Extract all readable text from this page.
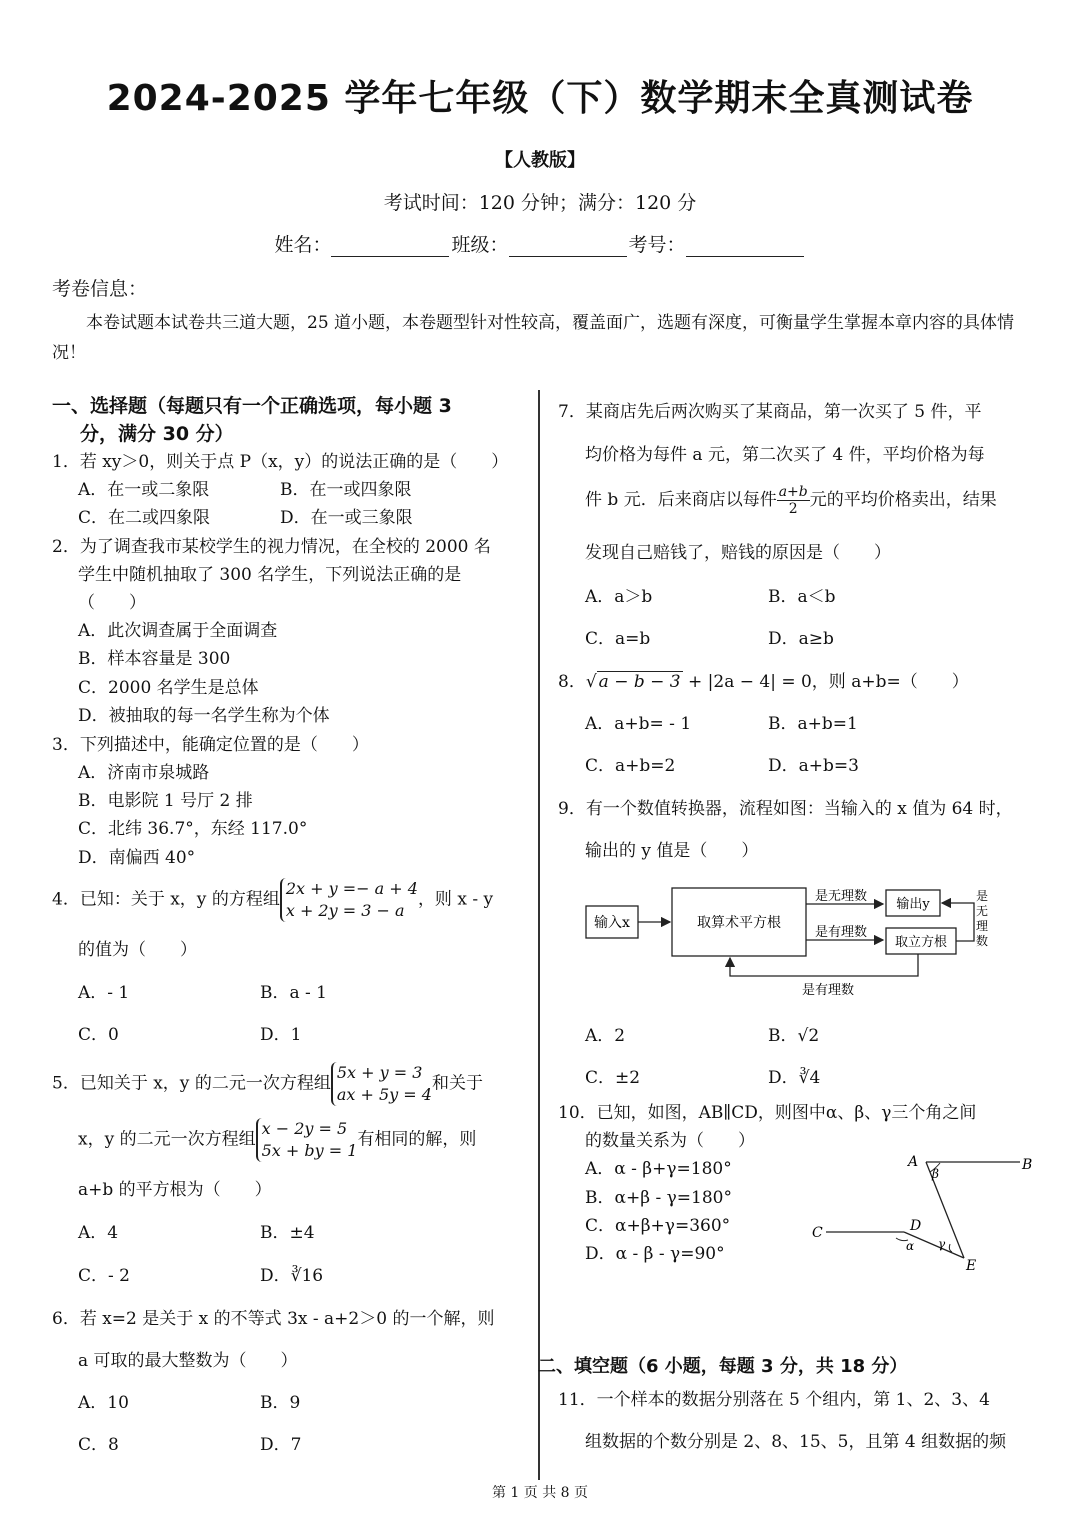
2024-2025 学年七年级（下）数学期末全真测试卷
【人教版】
考试时间：120 分钟；满分：120 分
姓名：	班级：	考号：
考卷信息：
本卷试题本试卷共三道大题，25 道小题，本卷题型针对性较高，覆盖面广，选题有深度，可衡量学生掌握本章内容的具体情况！
一、选择题（每题只有一个正确选项，每小题 3
分，满分 30 分）
1．若 xy＞0，则关于点 P（x，y）的说法正确的是（　　）
A．在一或二象限	B．在一或四象限
C．在二或四象限	D．在一或三象限
2．为了调查我市某校学生的视力情况，在全校的 2000 名
学生中随机抽取了 300 名学生，下列说法正确的是
（　　）
A．此次调查属于全面调查
B．样本容量是 300
C．2000 名学生是总体
D．被抽取的每一名学生称为个体
3．下列描述中，能确定位置的是（　　）
A．济南市泉城路
B．电影院 1 号厅 2 排
C．北纬 36.7°，东经 117.0°
D．南偏西 40°
4．已知：关于 x，y 的方程组2x + y =− a + 4
x + 2y = 3 − a，则 x - y
的值为（　　）
A．- 1	B．a - 1
C．0	D．1
5．已知关于 x，y 的二元一次方程组5x + y = 3
ax + 5y = 4和关于
x，y 的二元一次方程组x − 2y = 5
5x + by = 1有相同的解，则
a+b 的平方根为（　　）
A．4	B．±4
C．- 2	D．∛16
6．若 x=2 是关于 x 的不等式 3x - a+2＞0 的一个解，则
a 可取的最大整数为（　　）
A．10	B．9
C．8	D．7
7．某商店先后两次购买了某商品，第一次买了 5 件，平
均价格为每件 a 元，第二次买了 4 件，平均价格为每
件 b 元．后来商店以每件 $\frac{a+b}{2}$ 元的平均价格卖出，结果
发现自己赔钱了，赔钱的原因是（　　）
A．a＞b	B．a＜b
C．a=b	D．a≥b
8．√ a − b − 3 + |2a − 4| = 0，则 a+b=（　　）
A．a+b= - 1	B．a+b=1
C．a+b=2	D．a+b=3
9．有一个数值转换器，流程如图：当输入的 x 值为 64 时，
输出的 y 值是（　　）
输入x	取算术平方根
是无理数
是有理数
输出y
取立方根
是
无
理
数
是有理数
A．2	B．√2
C．±2	D．∛4
10．已知，如图，AB∥CD，则图中α、β、γ三个角之间
的数量关系为（　　）
A．α - β+γ=180°
B．α+β - γ=180°
C．α+β+γ=360°
D．α - β - γ=90°
A	B
C	D
E
β
α γ
二、填空题（6 小题，每题 3 分，共 18 分）
11．一个样本的数据分别落在 5 个组内，第 1、2、3、4
组数据的个数分别是 2、8、15、5，且第 4 组数据的频
第 1 页 共 8 页
